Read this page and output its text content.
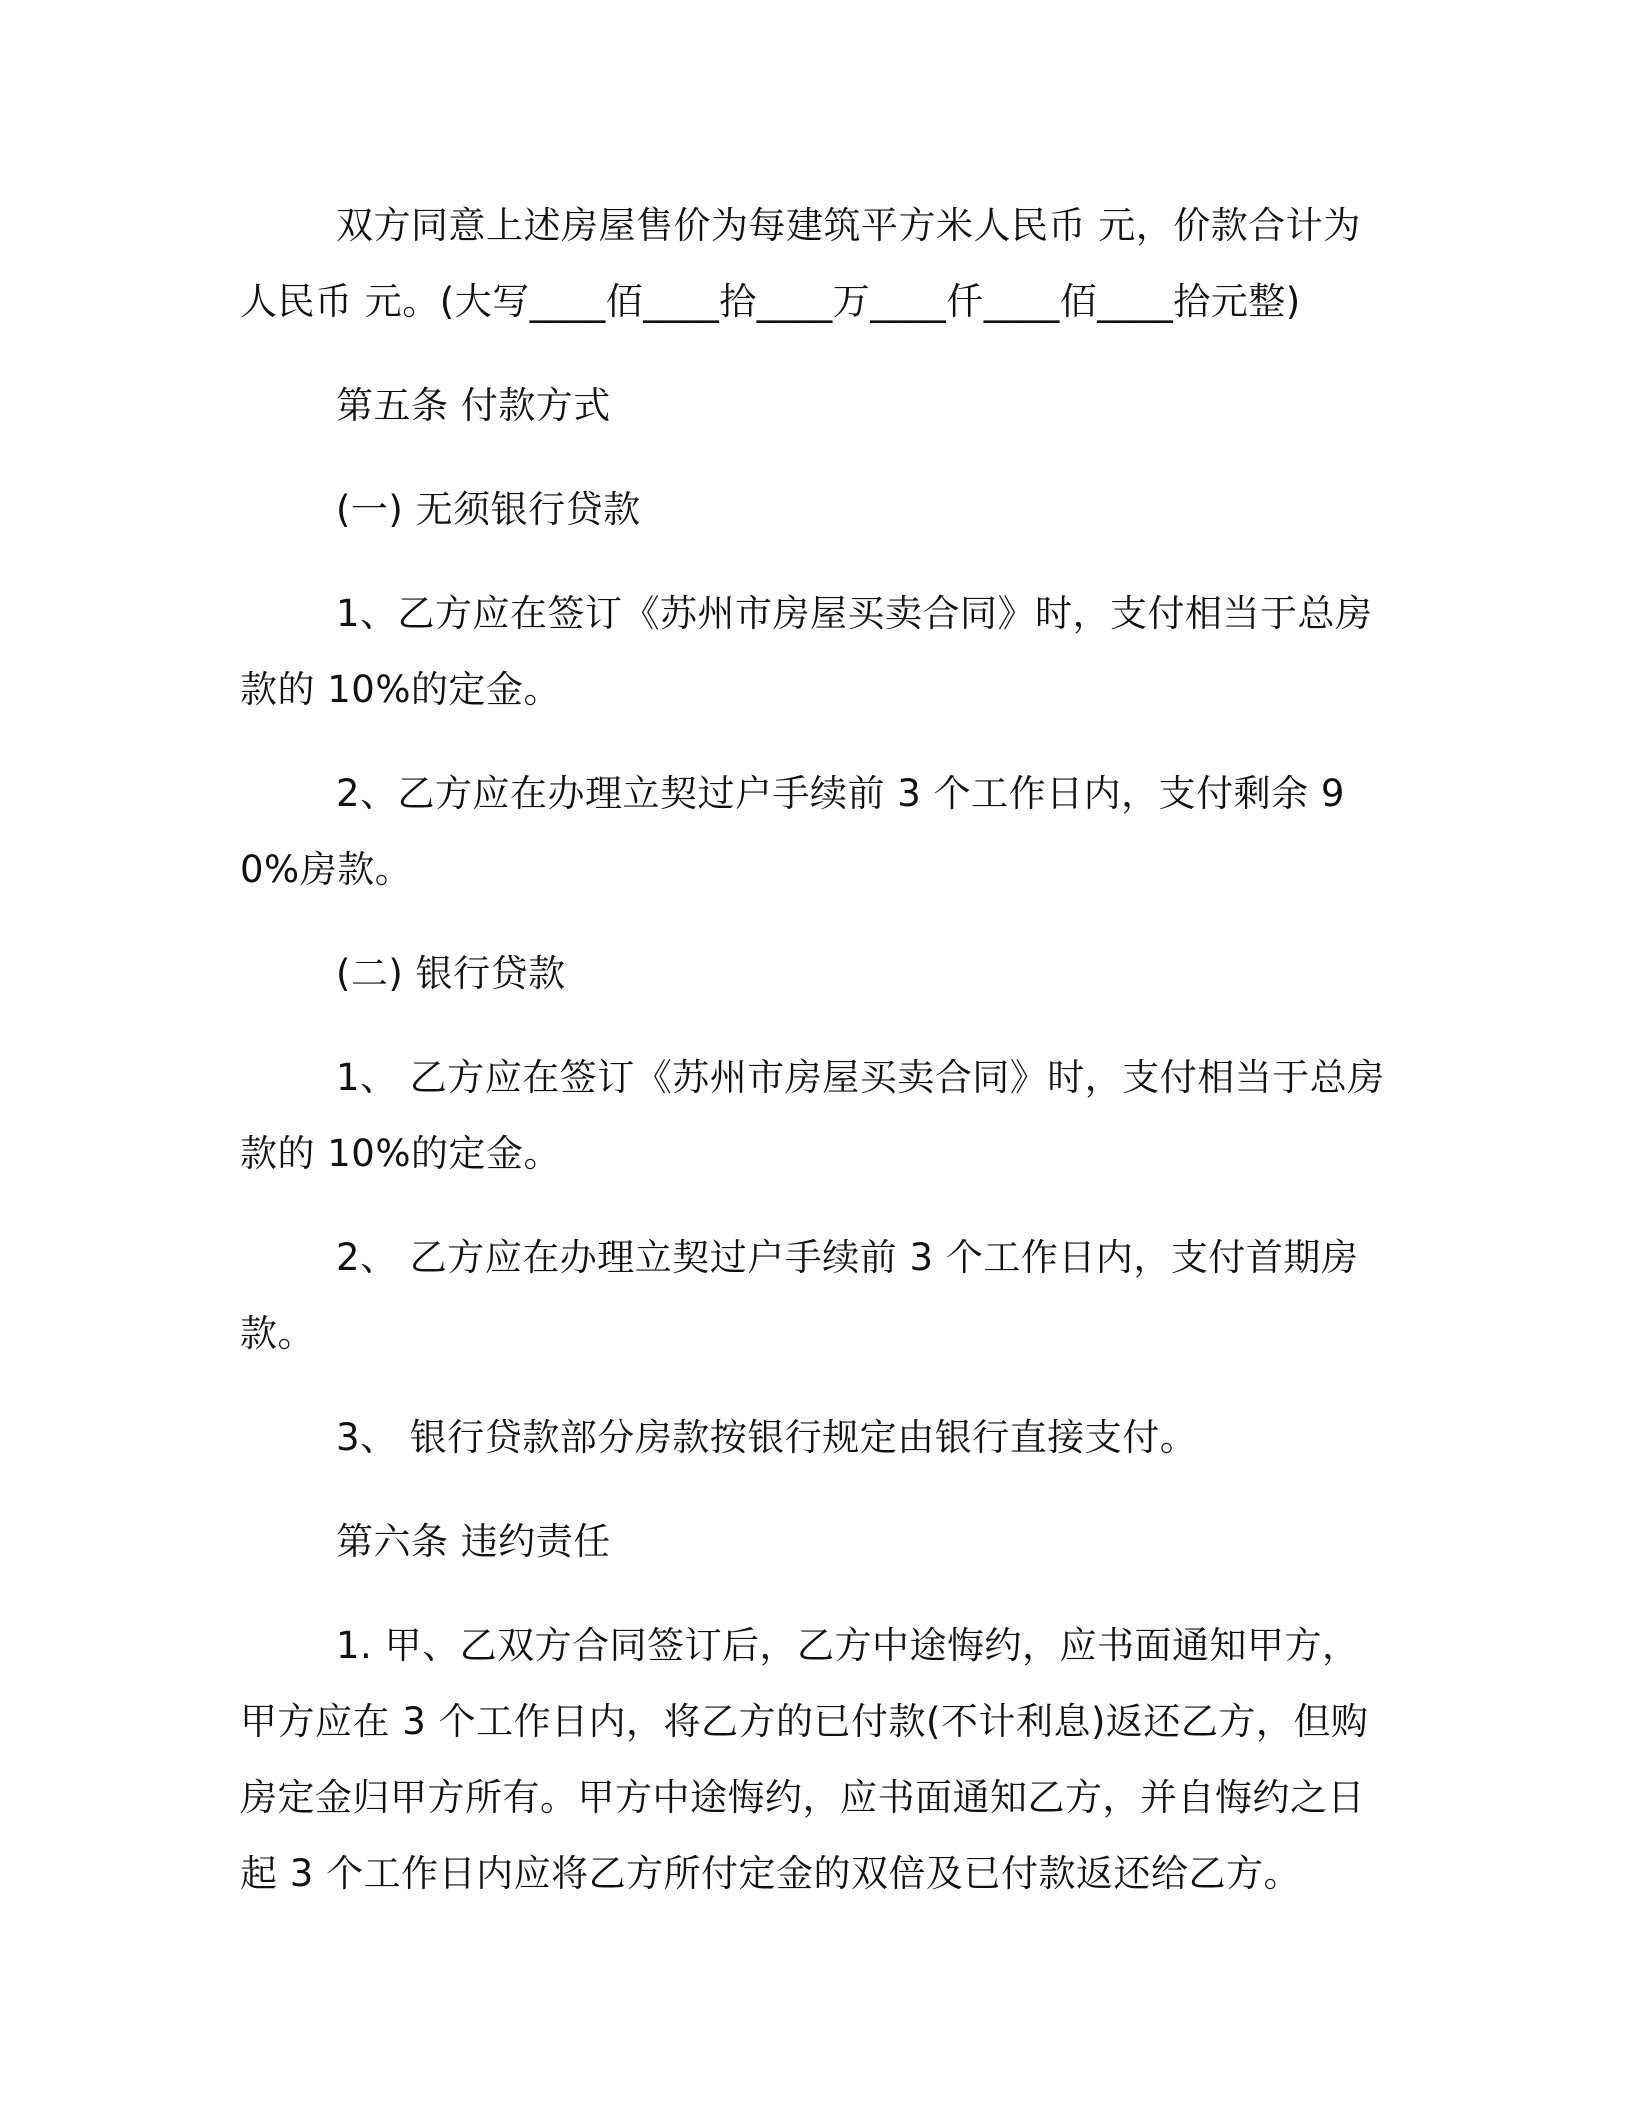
双方同意上述房屋售价为每建筑平方米人民币 元，价款合计为人民币 元。(大写____佰____拾____万____仟____佰____拾元整)

第五条 付款方式

(一) 无须银行贷款

1、乙方应在签订《苏州市房屋买卖合同》时，支付相当于总房款的 10%的定金。

2、乙方应在办理立契过户手续前 3 个工作日内，支付剩余 90%房款。

(二) 银行贷款

1、 乙方应在签订《苏州市房屋买卖合同》时，支付相当于总房款的 10%的定金。

2、 乙方应在办理立契过户手续前 3 个工作日内，支付首期房款。

3、 银行贷款部分房款按银行规定由银行直接支付。

第六条 违约责任

1. 甲、乙双方合同签订后，乙方中途悔约，应书面通知甲方，甲方应在 3 个工作日内，将乙方的已付款(不计利息)返还乙方，但购房定金归甲方所有。甲方中途悔约，应书面通知乙方，并自悔约之日起 3 个工作日内应将乙方所付定金的双倍及已付款返还给乙方。
